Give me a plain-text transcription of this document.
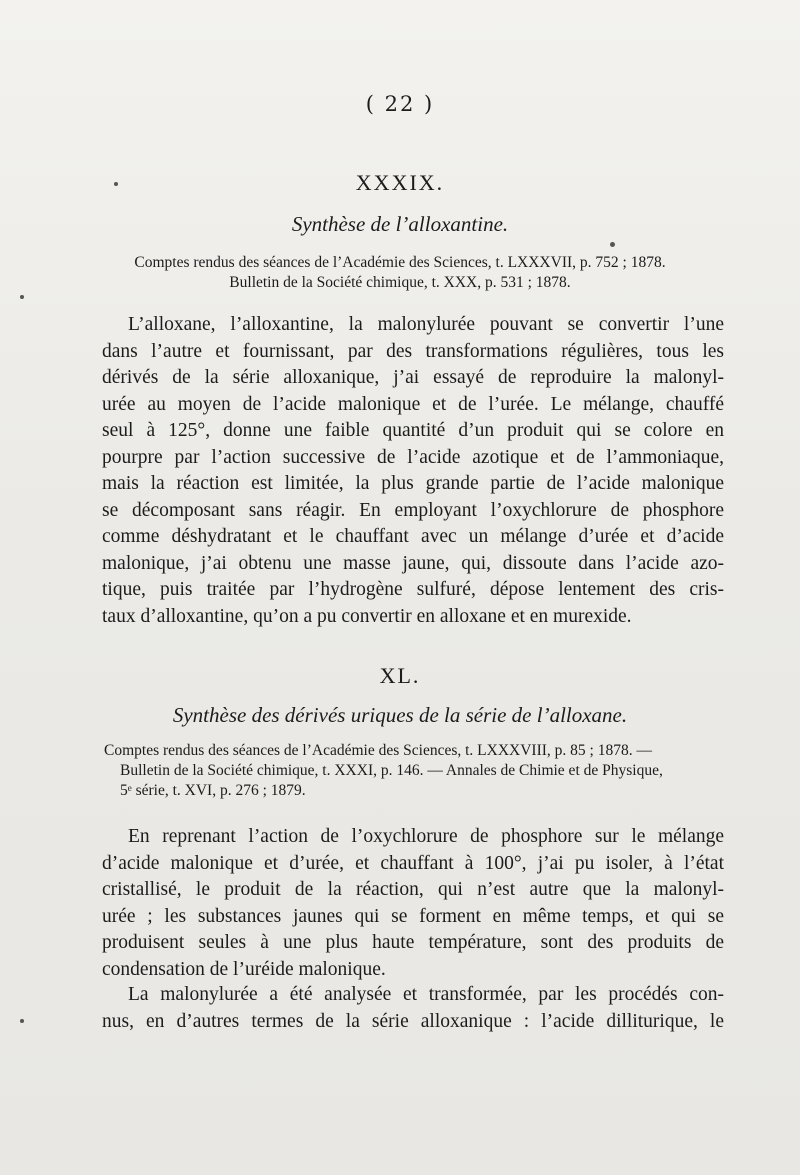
( 22 )
XXXIX.
Synthèse de l’alloxantine.
Comptes rendus des séances de l’Académie des Sciences, t. LXXXVII, p. 752 ; 1878.
Bulletin de la Société chimique, t. XXX, p. 531 ; 1878.
L’alloxane, l’alloxantine, la malonylurée pouvant se convertir l’une
dans l’autre et fournissant, par des transformations régulières, tous les
dérivés de la série alloxanique, j’ai essayé de reproduire la malonyl-
urée au moyen de l’acide malonique et de l’urée. Le mélange, chauffé
seul à 125°, donne une faible quantité d’un produit qui se colore en
pourpre par l’action successive de l’acide azotique et de l’ammoniaque,
mais la réaction est limitée, la plus grande partie de l’acide malonique
se décomposant sans réagir. En employant l’oxychlorure de phosphore
comme déshydratant et le chauffant avec un mélange d’urée et d’acide
malonique, j’ai obtenu une masse jaune, qui, dissoute dans l’acide azo-
tique, puis traitée par l’hydrogène sulfuré, dépose lentement des cris-
taux d’alloxantine, qu’on a pu convertir en alloxane et en murexide.
XL.
Synthèse des dérivés uriques de la série de l’alloxane.
Comptes rendus des séances de l’Académie des Sciences, t. LXXXVIII, p. 85 ; 1878. —
Bulletin de la Société chimique, t. XXXI, p. 146. — Annales de Chimie et de Physique,
5ᵉ série, t. XVI, p. 276 ; 1879.
En reprenant l’action de l’oxychlorure de phosphore sur le mélange
d’acide malonique et d’urée, et chauffant à 100°, j’ai pu isoler, à l’état
cristallisé, le produit de la réaction, qui n’est autre que la malonyl-
urée ; les substances jaunes qui se forment en même temps, et qui se
produisent seules à une plus haute température, sont des produits de
condensation de l’uréide malonique.
La malonylurée a été analysée et transformée, par les procédés con-
nus, en d’autres termes de la série alloxanique : l’acide dilliturique, le
